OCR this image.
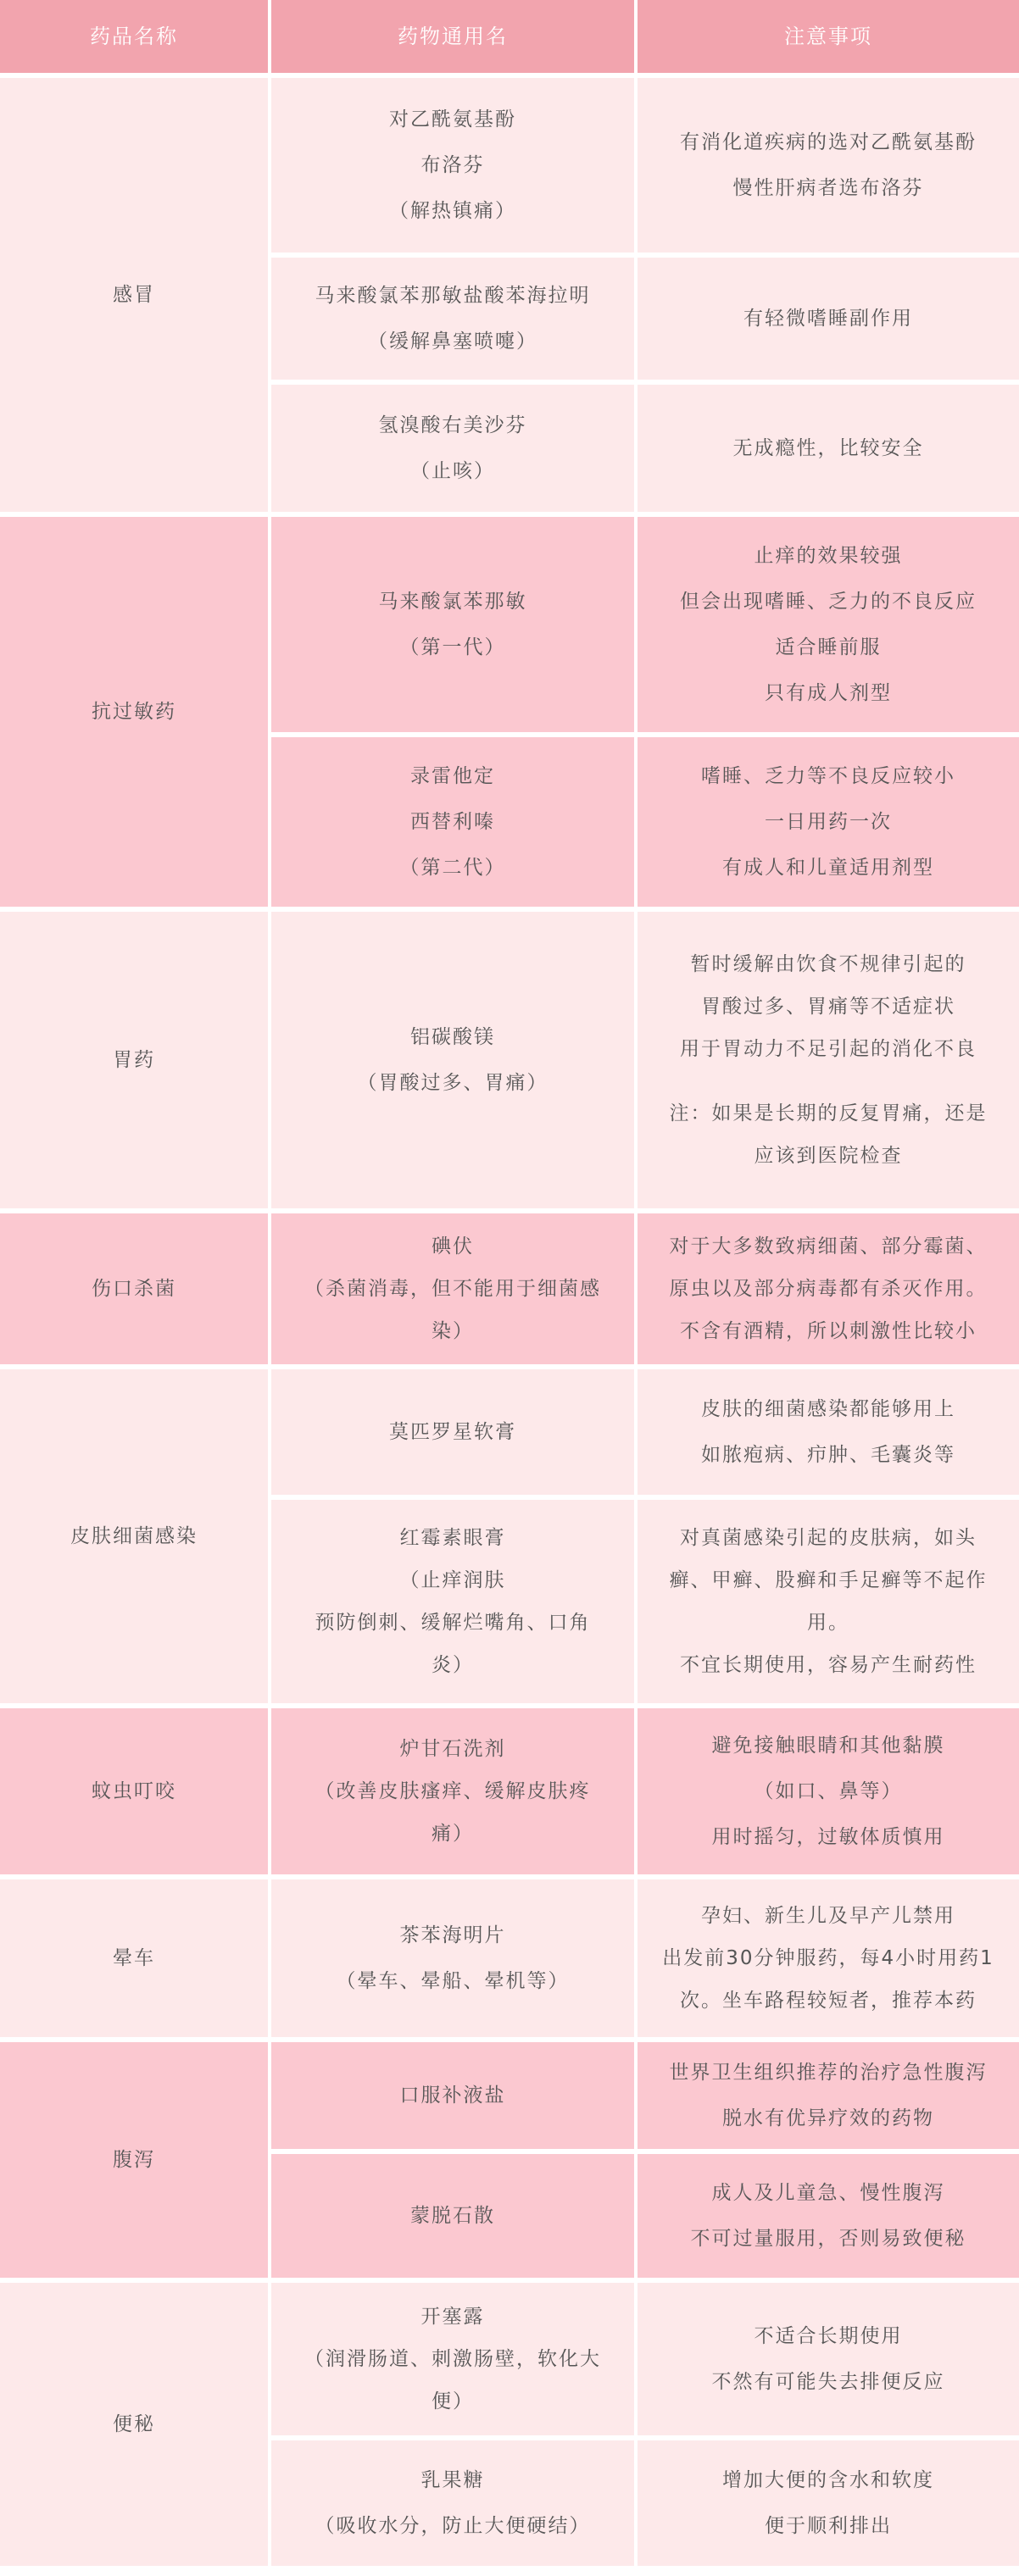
药品名称	药物通用名	注意事项
感冒
对乙酰氨基酚
布洛芬
（解热镇痛）
有消化道疾病的选对乙酰氨基酚
慢性肝病者选布洛芬
马来酸氯苯那敏盐酸苯海拉明
（缓解鼻塞喷嚏）
有轻微嗜睡副作用
氢溴酸右美沙芬
（止咳）
无成瘾性，比较安全
抗过敏药
马来酸氯苯那敏
（第一代）
止痒的效果较强
但会出现嗜睡、乏力的不良反应
适合睡前服
只有成人剂型
录雷他定
西替利嗪
（第二代）
嗜睡、乏力等不良反应较小
一日用药一次
有成人和儿童适用剂型
胃药
铝碳酸镁
（胃酸过多、胃痛）
暂时缓解由饮食不规律引起的
胃酸过多、胃痛等不适症状
用于胃动力不足引起的消化不良
注：如果是长期的反复胃痛，还是
应该到医院检查
伤口杀菌
碘伏
（杀菌消毒，但不能用于细菌感
染）
对于大多数致病细菌、部分霉菌、
原虫以及部分病毒都有杀灭作用。
不含有酒精，所以刺激性比较小
皮肤细菌感染
莫匹罗星软膏
皮肤的细菌感染都能够用上
如脓疱病、疖肿、毛囊炎等
红霉素眼膏
（止痒润肤
预防倒刺、缓解烂嘴角、口角
炎）
对真菌感染引起的皮肤病，如头
癣、甲癣、股癣和手足癣等不起作
用。
不宜长期使用，容易产生耐药性
蚊虫叮咬
炉甘石洗剂
（改善皮肤瘙痒、缓解皮肤疼
痛）
避免接触眼睛和其他黏膜
（如口、鼻等）
用时摇匀，过敏体质慎用
晕车
茶苯海明片
（晕车、晕船、晕机等）
孕妇、新生儿及早产儿禁用
出发前30分钟服药，每4小时用药1
次。坐车路程较短者，推荐本药
腹泻
口服补液盐
世界卫生组织推荐的治疗急性腹泻
脱水有优异疗效的药物
蒙脱石散
成人及儿童急、慢性腹泻
不可过量服用，否则易致便秘
便秘
开塞露
（润滑肠道、刺激肠壁，软化大
便）
不适合长期使用
不然有可能失去排便反应
乳果糖
（吸收水分，防止大便硬结）
增加大便的含水和软度
便于顺利排出
